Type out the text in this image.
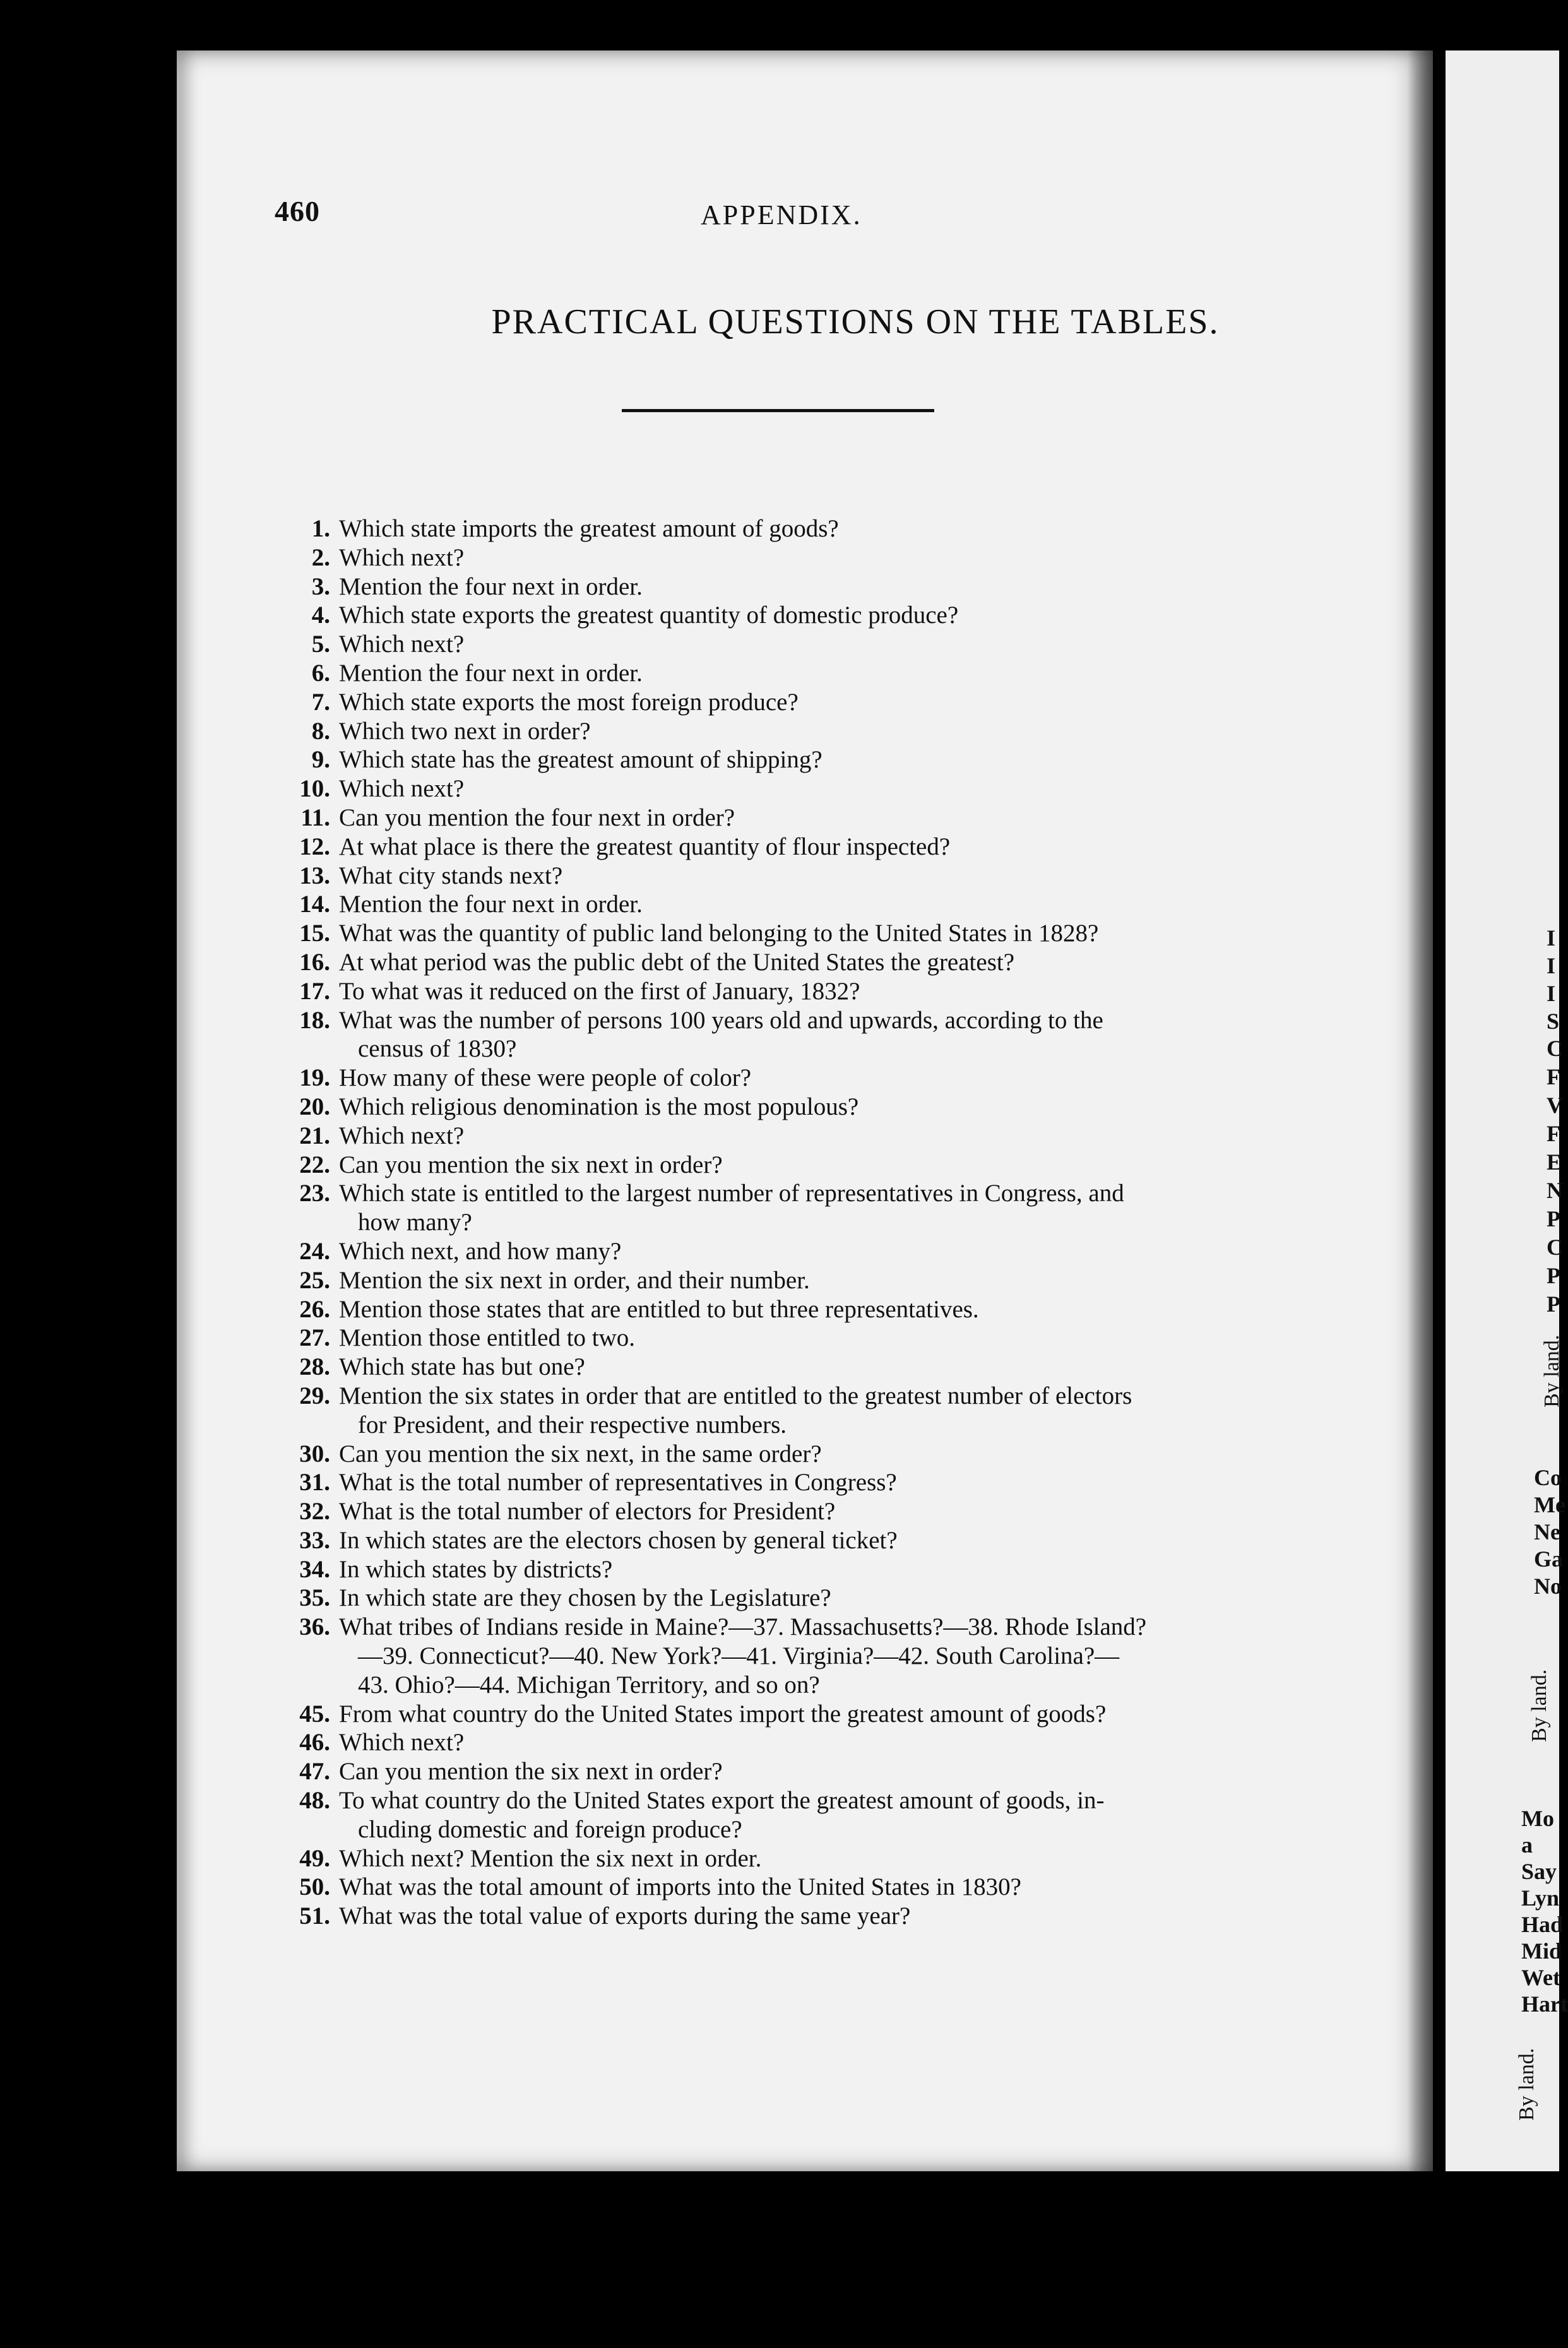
I
I
I
S
C
F
V
F
E
N
P
C
P
P
Co
Me
Ne
Ga
No
Mo
a
Say
Lyn
Had
Mid
Wet
Hart
By land.
By land.
By land.
460	APPENDIX.
PRACTICAL QUESTIONS ON THE TABLES.
1. Which state imports the greatest amount of goods?
2. Which next?
3. Mention the four next in order.
4. Which state exports the greatest quantity of domestic produce?
5. Which next?
6. Mention the four next in order.
7. Which state exports the most foreign produce?
8. Which two next in order?
9. Which state has the greatest amount of shipping?
10. Which next?
11. Can you mention the four next in order?
12. At what place is there the greatest quantity of flour inspected?
13. What city stands next?
14. Mention the four next in order.
15. What was the quantity of public land belonging to the United States in 1828?
16. At what period was the public debt of the United States the greatest?
17. To what was it reduced on the first of January, 1832?
18. What was the number of persons 100 years old and upwards, according to the
census of 1830?
19. How many of these were people of color?
20. Which religious denomination is the most populous?
21. Which next?
22. Can you mention the six next in order?
23. Which state is entitled to the largest number of representatives in Congress, and
how many?
24. Which next, and how many?
25. Mention the six next in order, and their number.
26. Mention those states that are entitled to but three representatives.
27. Mention those entitled to two.
28. Which state has but one?
29. Mention the six states in order that are entitled to the greatest number of electors
for President, and their respective numbers.
30. Can you mention the six next, in the same order?
31. What is the total number of representatives in Congress?
32. What is the total number of electors for President?
33. In which states are the electors chosen by general ticket?
34. In which states by districts?
35. In which state are they chosen by the Legislature?
36. What tribes of Indians reside in Maine?—37. Massachusetts?—38. Rhode Island?
—39. Connecticut?—40. New York?—41. Virginia?—42. South Carolina?—
43. Ohio?—44. Michigan Territory, and so on?
45. From what country do the United States import the greatest amount of goods?
46. Which next?
47. Can you mention the six next in order?
48. To what country do the United States export the greatest amount of goods, in-
cluding domestic and foreign produce?
49. Which next? Mention the six next in order.
50. What was the total amount of imports into the United States in 1830?
51. What was the total value of exports during the same year?
